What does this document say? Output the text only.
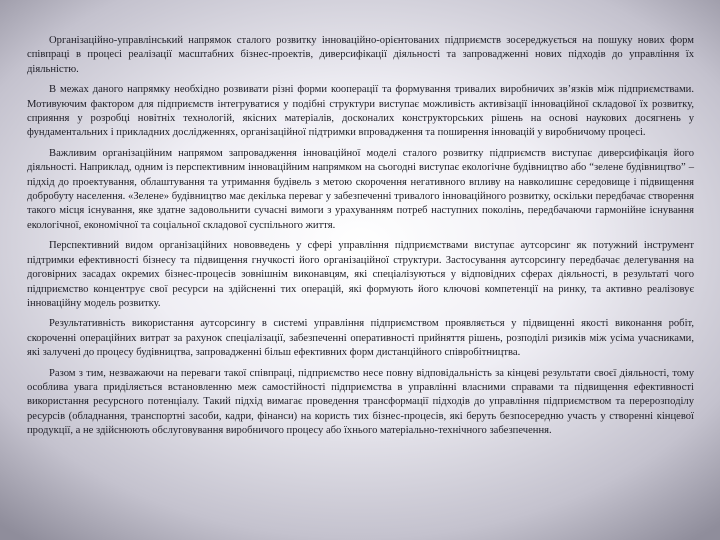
Організаційно-управлінський напрямок сталого розвитку інноваційно-орієнтованих підприємств зосереджується на пошуку нових форм співпраці в процесі реалізації масштабних бізнес-проектів, диверсифікації діяльності та запровадженні нових підходів до управління їх діяльністю.

В межах даного напрямку необхідно розвивати різні форми кооперації та формування тривалих виробничих зв’язків між підприємствами. Мотивуючим фактором для підприємств інтегруватися у подібні структури виступає можливість активізації інноваційної складової їх розвитку, сприяння у розробці новітніх технологій, якісних матеріалів, досконалих конструкторських рішень на основі наукових досягнень у фундаментальних і прикладних дослідженнях, організаційної підтримки впровадження та поширення інновацій у виробничому процесі.

Важливим організаційним напрямом запровадження інноваційної моделі сталого розвитку підприємств виступає диверсифікація його діяльності. Наприклад, одним із перспективним інноваційним напрямком на сьогодні виступає екологічне будівництво або “зелене будівництво” – підхід до проектування, облаштування та утримання будівель з метою скорочення негативного впливу на навколишнє середовище і підвищення добробуту населення. «Зелене» будівництво має декілька переваг у забезпеченні тривалого інноваційного розвитку, оскільки передбачає створення такого місця існування, яке здатне задовольнити сучасні вимоги з урахуванням потреб наступних поколінь, передбачаючи гармонійне існування екологічної, економічної та соціальної складової суспільного життя.

Перспективний видом організаційних нововведень у сфері управління підприємствами виступає аутсорсинг як потужний інструмент підтримки ефективності бізнесу та підвищення гнучкості його організаційної структури. Застосування аутсорсингу передбачає делегування на договірних засадах окремих бізнес-процесів зовнішнім виконавцям, які спеціалізуються у відповідних сферах діяльності, в результаті чого підприємство концентрує свої ресурси на здійсненні тих операцій, які формують його ключові компетенції на ринку, та активно реалізовує інноваційну модель розвитку.

Результативність використання аутсорсингу в системі управління підприємством проявляється у підвищенні якості виконання робіт, скороченні операційних витрат за рахунок спеціалізації, забезпеченні оперативності прийняття рішень, розподілі ризиків між усіма учасниками, які залучені до процесу будівництва, запровадженні більш ефективних форм дистанційного співробітництва.

Разом з тим, незважаючи на переваги такої співпраці, підприємство несе повну відповідальність за кінцеві результати своєї діяльності, тому особлива увага приділяється встановленню меж самостійності підприємства в управлінні власними справами та підвищення ефективності використання ресурсного потенціалу. Такий підхід вимагає проведення трансформації підходів до управління підприємством та перерозподілу ресурсів (обладнання, транспортні засоби, кадри, фінанси) на користь тих бізнес-процесів, які беруть безпосередню участь у створенні кінцевої продукції, а не здійснюють обслуговування виробничого процесу або їхнього матеріально-технічного забезпечення.
